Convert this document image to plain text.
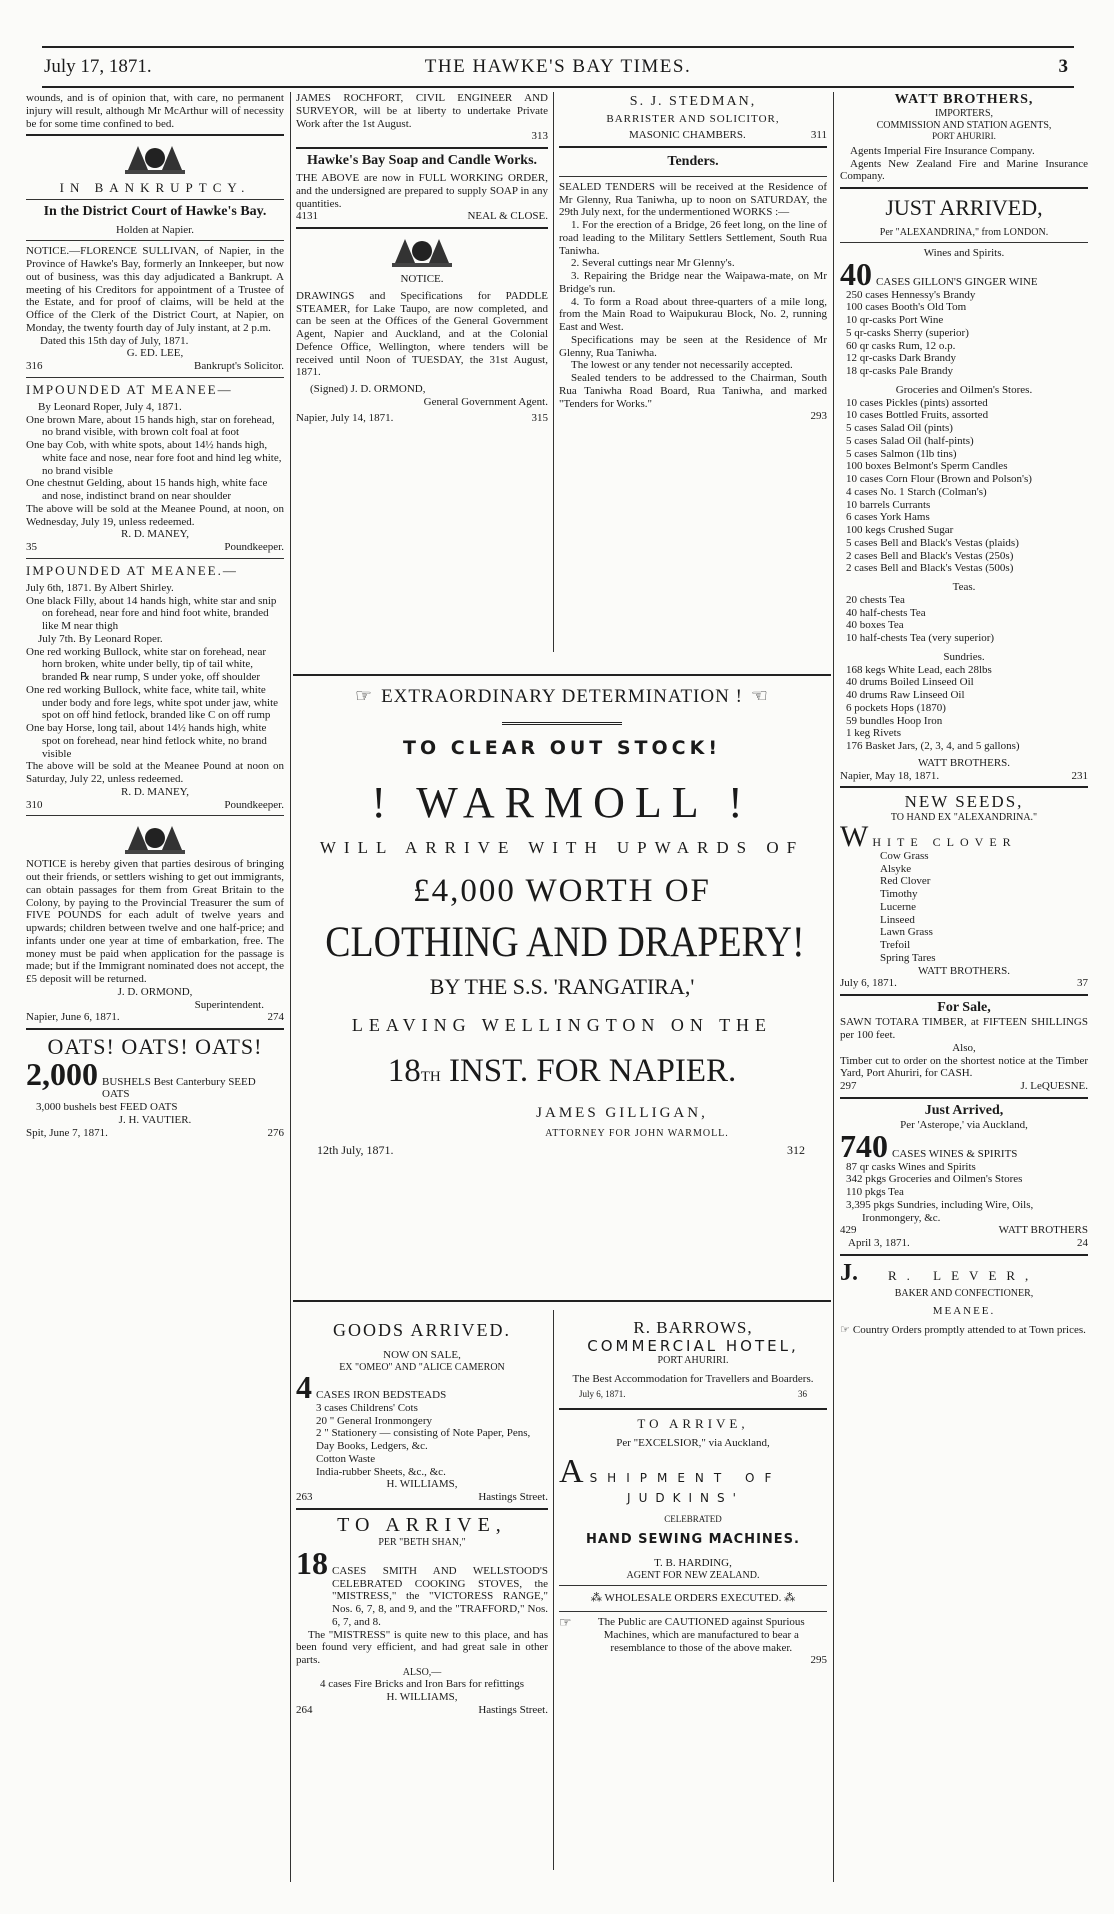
July 17, 1871.	THE HAWKE'S BAY TIMES.	3

wounds, and is of opinion that, with care, no permanent injury will result, although Mr McArthur will of necessity be for some time confined to bed.

IN BANKRUPTCY.
In the District Court of Hawke's Bay.
Holden at Napier.

NOTICE.—FLORENCE SULLIVAN, of Napier, in the Province of Hawke's Bay, formerly an Innkeeper, but now out of business, was this day adjudicated a Bankrupt. A meeting of his Creditors for appointment of a Trustee of the Estate, and for proof of claims, will be held at the Office of the Clerk of the District Court, at Napier, on Monday, the twenty fourth day of July instant, at 2 p.m.

Dated this 15th day of July, 1871.

G. ED. LEE,
316	Bankrupt's Solicitor.
IMPOUNDED AT MEANEE—
By Leonard Roper, July 4, 1871.
One brown Mare, about 15 hands high, star on forehead, no brand visible, with brown colt foal at foot
One bay Cob, with white spots, about 14½ hands high, white face and nose, near fore foot and hind leg white, no brand visible
One chestnut Gelding, about 15 hands high, white face and nose, indistinct brand on near shoulder

The above will be sold at the Meanee Pound, at noon, on Wednesday, July 19, unless redeemed.

R. D. MANEY,
35	Poundkeeper.
IMPOUNDED AT MEANEE.—
July 6th, 1871. By Albert Shirley.
One black Filly, about 14 hands high, white star and snip on forehead, near fore and hind foot white, branded like M near thigh
July 7th. By Leonard Roper.
One red working Bullock, white star on forehead, near horn broken, white under belly, tip of tail white, branded ℞ near rump, S under yoke, off shoulder
One red working Bullock, white face, white tail, white under body and fore legs, white spot under jaw, white spot on off hind fetlock, branded like C on off rump
One bay Horse, long tail, about 14½ hands high, white spot on forehead, near hind fetlock white, no brand visible

The above will be sold at the Meanee Pound at noon on Saturday, July 22, unless redeemed.

R. D. MANEY,
310	Poundkeeper.

NOTICE is hereby given that parties desirous of bringing out their friends, or settlers wishing to get out immigrants, can obtain passages for them from Great Britain to the Colony, by paying to the Provincial Treasurer the sum of FIVE POUNDS for each adult of twelve years and upwards; children between twelve and one half-price; and infants under one year at time of embarkation, free. The money must be paid when application for the passage is made; but if the Immigrant nominated does not accept, the £5 deposit will be returned.

J. D. ORMOND,
Superintendent.
Napier, June 6, 1871.	274
OATS! OATS! OATS!
2,000 BUSHELS Best Canterbury SEED OATS
3,000 bushels best FEED OATS
J. H. VAUTIER.
Spit, June 7, 1871.	276

JAMES ROCHFORT, CIVIL ENGINEER AND SURVEYOR, will be at liberty to undertake Private Work after the 1st August.

313
Hawke's Bay Soap and Candle Works.

THE ABOVE are now in FULL WORKING ORDER, and the undersigned are prepared to supply SOAP in any quantities.

4131	NEAL & CLOSE.
NOTICE.

DRAWINGS and Specifications for PADDLE STEAMER, for Lake Taupo, are now completed, and can be seen at the Offices of the General Government Agent, Napier and Auckland, and at the Colonial Defence Office, Wellington, where tenders will be received until Noon of TUESDAY, the 31st August, 1871.

(Signed) J. D. ORMOND,
General Government Agent.
Napier, July 14, 1871.	315
S. J. STEDMAN,
BARRISTER AND SOLICITOR,
MASONIC CHAMBERS.	311
Tenders.

SEALED TENDERS will be received at the Residence of Mr Glenny, Rua Taniwha, up to noon on SATURDAY, the 29th July next, for the undermentioned WORKS :—

1. For the erection of a Bridge, 26 feet long, on the line of road leading to the Military Settlers Settlement, South Rua Taniwha.

2. Several cuttings near Mr Glenny's.

3. Repairing the Bridge near the Waipawa-mate, on Mr Bridge's run.

4. To form a Road about three-quarters of a mile long, from the Main Road to Waipukurau Block, No. 2, running East and West.

Specifications may be seen at the Residence of Mr Glenny, Rua Taniwha.

The lowest or any tender not necessarily accepted.

Sealed tenders to be addressed to the Chairman, South Rua Taniwha Road Board, Rua Taniwha, and marked "Tenders for Works."

293
☞ EXTRAORDINARY DETERMINATION ! ☜
TO CLEAR OUT STOCK!
! WARMOLL !
WILL ARRIVE WITH UPWARDS OF
£4,000 WORTH OF
CLOTHING AND DRAPERY!
BY THE S.S. 'RANGATIRA,'
LEAVING WELLINGTON ON THE
18TH INST. FOR NAPIER.
JAMES GILLIGAN,
ATTORNEY FOR JOHN WARMOLL.
12th July, 1871.	312
GOODS ARRIVED.
NOW ON SALE,
EX "OMEO" AND "ALICE CAMERON
4 CASES IRON BEDSTEADS
3 cases Childrens' Cots
20 " General Ironmongery
2 " Stationery — consisting of Note Paper, Pens, Day Books, Ledgers, &c.
Cotton Waste
India-rubber Sheets, &c., &c.
H. WILLIAMS,
263	Hastings Street.
TO ARRIVE,
PER "BETH SHAN,"
18 CASES SMITH AND WELLSTOOD'S CELEBRATED COOKING STOVES, the "MISTRESS," the "VICTORESS RANGE," Nos. 6, 7, 8, and 9, and the "TRAFFORD," Nos. 6, 7, and 8.

The "MISTRESS" is quite new to this place, and has been found very efficient, and had great sale in other parts.

ALSO,—
4 cases Fire Bricks and Iron Bars for refittings
H. WILLIAMS,
264	Hastings Street.
R. BARROWS,
COMMERCIAL HOTEL,
PORT AHURIRI.
The Best Accommodation for Travellers and Boarders.
July 6, 1871.	36
TO ARRIVE,
Per "EXCELSIOR," via Auckland,
A SHIPMENT OF
JUDKINS'
CELEBRATED
HAND SEWING MACHINES.
T. B. HARDING,
AGENT FOR NEW ZEALAND.
⁂ WHOLESALE ORDERS EXECUTED. ⁂
☞	The Public are CAUTIONED against Spurious Machines, which are manufactured to bear a resemblance to those of the above maker.
295
WATT BROTHERS,
IMPORTERS,
COMMISSION AND STATION AGENTS,
PORT AHURIRI.

Agents Imperial Fire Insurance Company.

Agents New Zealand Fire and Marine Insurance Company.

JUST ARRIVED,
Per "ALEXANDRINA," from LONDON.
Wines and Spirits.
40 CASES GILLON'S GINGER WINE
250 cases Hennessy's Brandy
100 cases Booth's Old Tom
10 qr-casks Port Wine
5 qr-casks Sherry (superior)
60 qr casks Rum, 12 o.p.
12 qr-casks Dark Brandy
18 qr-casks Pale Brandy
Groceries and Oilmen's Stores.
10 cases Pickles (pints) assorted
10 cases Bottled Fruits, assorted
5 cases Salad Oil (pints)
5 cases Salad Oil (half-pints)
5 cases Salmon (1lb tins)
100 boxes Belmont's Sperm Candles
10 cases Corn Flour (Brown and Polson's)
4 cases No. 1 Starch (Colman's)
10 barrels Currants
6 cases York Hams
100 kegs Crushed Sugar
5 cases Bell and Black's Vestas (plaids)
2 cases Bell and Black's Vestas (250s)
2 cases Bell and Black's Vestas (500s)
Teas.
20 chests Tea
40 half-chests Tea
40 boxes Tea
10 half-chests Tea (very superior)
Sundries.
168 kegs White Lead, each 28lbs
40 drums Boiled Linseed Oil
40 drums Raw Linseed Oil
6 pockets Hops (1870)
59 bundles Hoop Iron
1 keg Rivets
176 Basket Jars, (2, 3, 4, and 5 gallons)
WATT BROTHERS.
Napier, May 18, 1871.	231
NEW SEEDS,
TO HAND EX "ALEXANDRINA."
W HITE CLOVER
Cow Grass
Alsyke
Red Clover
Timothy
Lucerne
Linseed
Lawn Grass
Trefoil
Spring Tares
WATT BROTHERS.
July 6, 1871.	37
For Sale,

SAWN TOTARA TIMBER, at FIFTEEN SHILLINGS per 100 feet.

Also,

Timber cut to order on the shortest notice at the Timber Yard, Port Ahuriri, for CASH.

297	J. LeQUESNE.
Just Arrived,
Per 'Asterope,' via Auckland,
740 CASES WINES & SPIRITS
87 qr casks Wines and Spirits
342 pkgs Groceries and Oilmen's Stores
110 pkgs Tea
3,395 pkgs Sundries, including Wire, Oils, Ironmongery, &c.
429	WATT BROTHERS
April 3, 1871.	24
J. R. LEVER,
BAKER AND CONFECTIONER,
MEANEE.
☞ Country Orders promptly attended to at Town prices.
